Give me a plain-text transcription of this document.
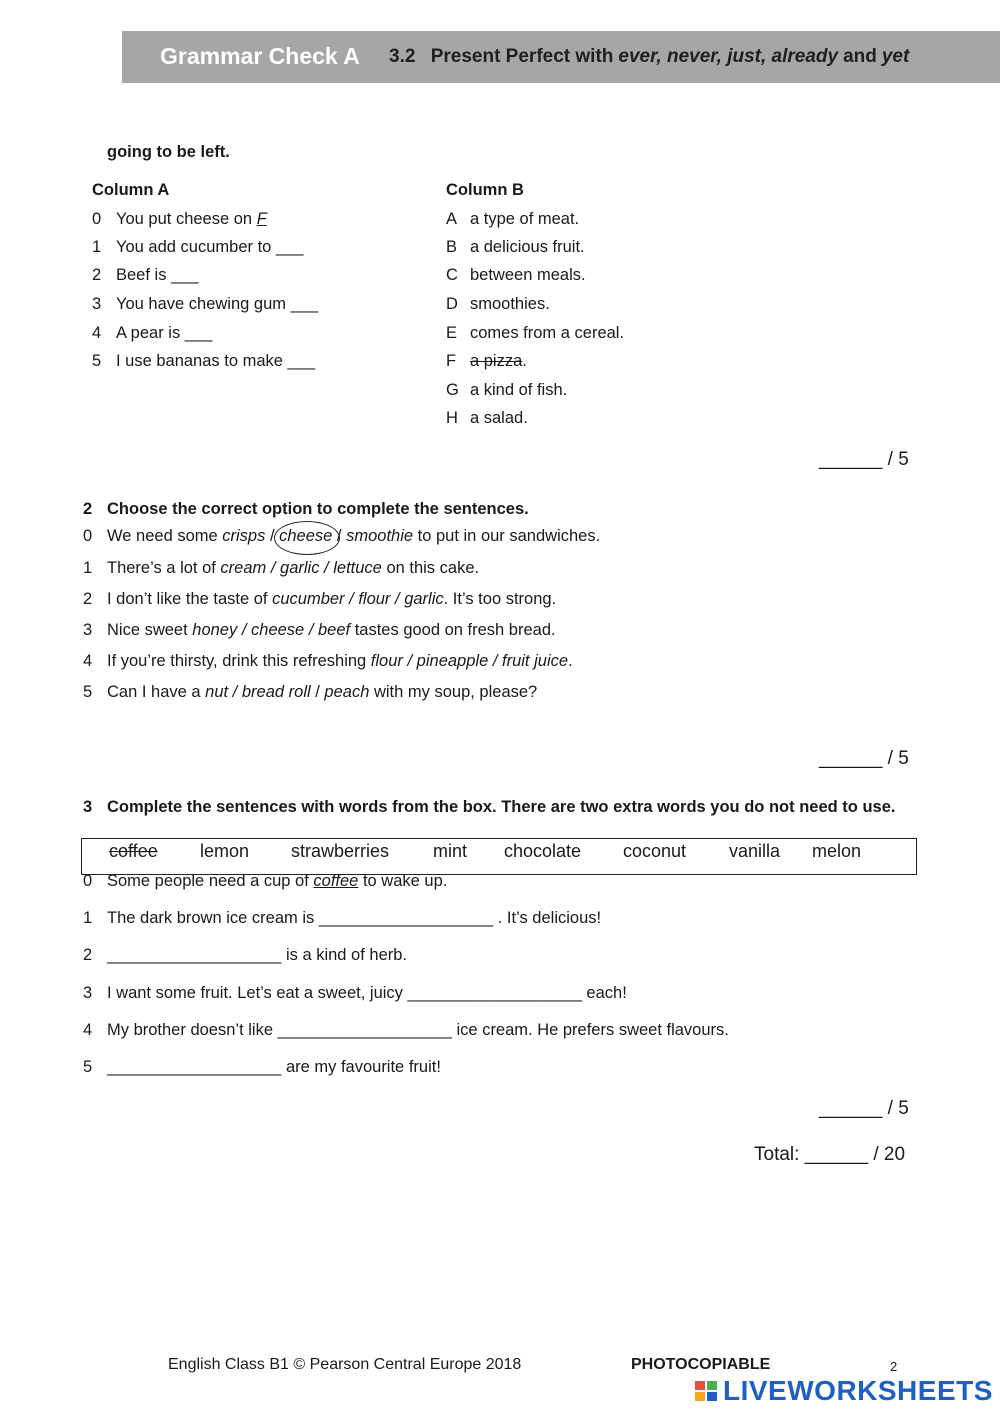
Grammar Check A 3.2 Present Perfect with ever, never, just, already and yet
going to be left.
Column A	Column B
0 You put cheese on F
1 You add cucumber to ___
2 Beef is ___
3 You have chewing gum ___
4 A pear is ___
5 I use bananas to make ___
A a type of meat.
B a delicious fruit.
C between meals.
D smoothies.
E comes from a cereal.
F a pizza.
G a kind of fish.
H a salad.
______ / 5
2 Choose the correct option to complete the sentences.
0 We need some crisps / cheese / smoothie to put in our sandwiches.
1 There’s a lot of cream / garlic / lettuce on this cake.
2 I don’t like the taste of cucumber / flour / garlic. It’s too strong.
3 Nice sweet honey / cheese / beef tastes good on fresh bread.
4 If you’re thirsty, drink this refreshing flour / pineapple / fruit juice.
5 Can I have a nut / bread roll / peach with my soup, please?
______ / 5
3 Complete the sentences with words from the box. There are two extra words you do not need to use.
coffee lemon strawberries mint chocolate coconut vanilla melon
0 Some people need a cup of coffee to wake up.
1 The dark brown ice cream is ___________________ . It’s delicious!
2 ___________________ is a kind of herb.
3 I want some fruit. Let’s eat a sweet, juicy ___________________ each!
4 My brother doesn’t like ___________________ ice cream. He prefers sweet flavours.
5 ___________________ are my favourite fruit!
______ / 5
Total: ______ / 20
English Class B1 © Pearson Central Europe 2018	PHOTOCOPIABLE	2
LIVEWORKSHEETS
